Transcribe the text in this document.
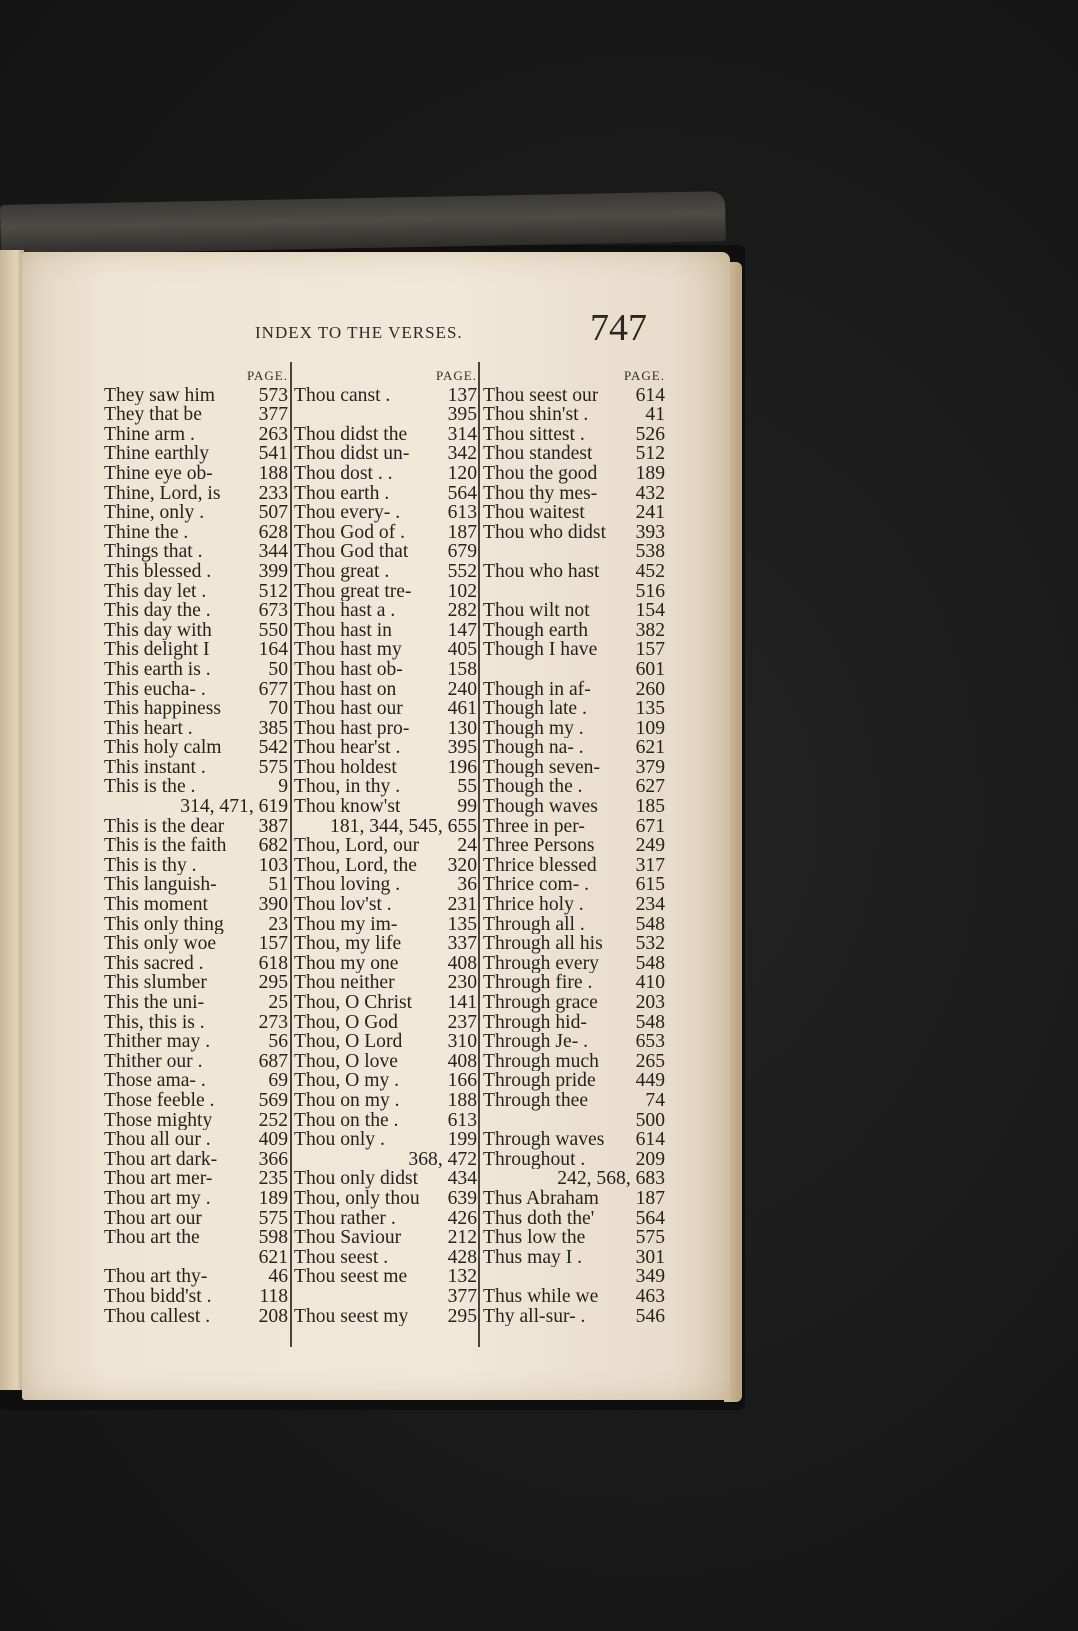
INDEX TO THE VERSES.	747
PAGE.
They saw him 573
They that be	377
Thine arm .	263
Thine earthly	541
Thine eye ob- 188
Thine, Lord, is 233
Thine, only .	507
Thine the .	628
Things that .	344
This blessed . 399
This day let .	512
This day the . 673
This day with 550
This delight I	164
This earth is .	50
This eucha- .	677
This happiness 70
This heart .	385
This holy calm 542
This instant .	575
This is the .	9
314, 471, 619
This is the dear 387
This is the faith 682
This is thy .	103
This languish-	51
This moment	390
This only thing 23
This only woe 157
This sacred .	618
This slumber	295
This the uni-	25
This, this is .	273
Thither may .	56
Thither our .	687
Those ama- .	69
Those feeble . 569
Those mighty 252
Thou all our . 409
Thou art dark- 366
Thou art mer- 235
Thou art my . 189
Thou art our	575
Thou art the	598
621
Thou art thy-	46
Thou bidd'st . 118
Thou callest . 208
PAGE.
Thou canst .	137
395
Thou didst the 314
Thou didst un- 342
Thou dost . .	120
Thou earth .	564
Thou every- . 613
Thou God of . 187
Thou God that 679
Thou great .	552
Thou great tre- 102
Thou hast a .	282
Thou hast in	147
Thou hast my 405
Thou hast ob- 158
Thou hast on	240
Thou hast our 461
Thou hast pro- 130
Thou hear'st . 395
Thou holdest	196
Thou, in thy .	55
Thou know'st	99
181, 344, 545, 655
Thou, Lord, our 24
Thou, Lord, the 320
Thou loving .	36
Thou lov'st .	231
Thou my im-	135
Thou, my life 337
Thou my one	408
Thou neither	230
Thou, O Christ 141
Thou, O God	237
Thou, O Lord 310
Thou, O love	408
Thou, O my . 166
Thou on my . 188
Thou on the .	613
Thou only .	199
368, 472
Thou only didst 434
Thou, only thou 639
Thou rather .	426
Thou Saviour 212
Thou seest .	428
Thou seest me 132
377
Thou seest my 295
PAGE.
Thou seest our 614
Thou shin'st .	41
Thou sittest .	526
Thou standest 512
Thou the good 189
Thou thy mes- 432
Thou waitest	241
Thou who didst 393
538
Thou who hast 452
516
Thou wilt not 154
Though earth 382
Though I have 157
601
Though in af- 260
Though late . 135
Though my .	109
Though na- .	621
Though seven- 379
Though the .	627
Though waves 185
Three in per-	671
Three Persons 249
Thrice blessed 317
Thrice com- . 615
Thrice holy .	234
Through all .	548
Through all his 532
Through every 548
Through fire . 410
Through grace 203
Through hid- 548
Through Je- . 653
Through much 265
Through pride 449
Through thee	74
500
Through waves 614
Throughout .	209
242, 568, 683
Thus Abraham 187
Thus doth the' 564
Thus low the	575
Thus may I .	301
349
Thus while we 463
Thy all-sur- .	546
